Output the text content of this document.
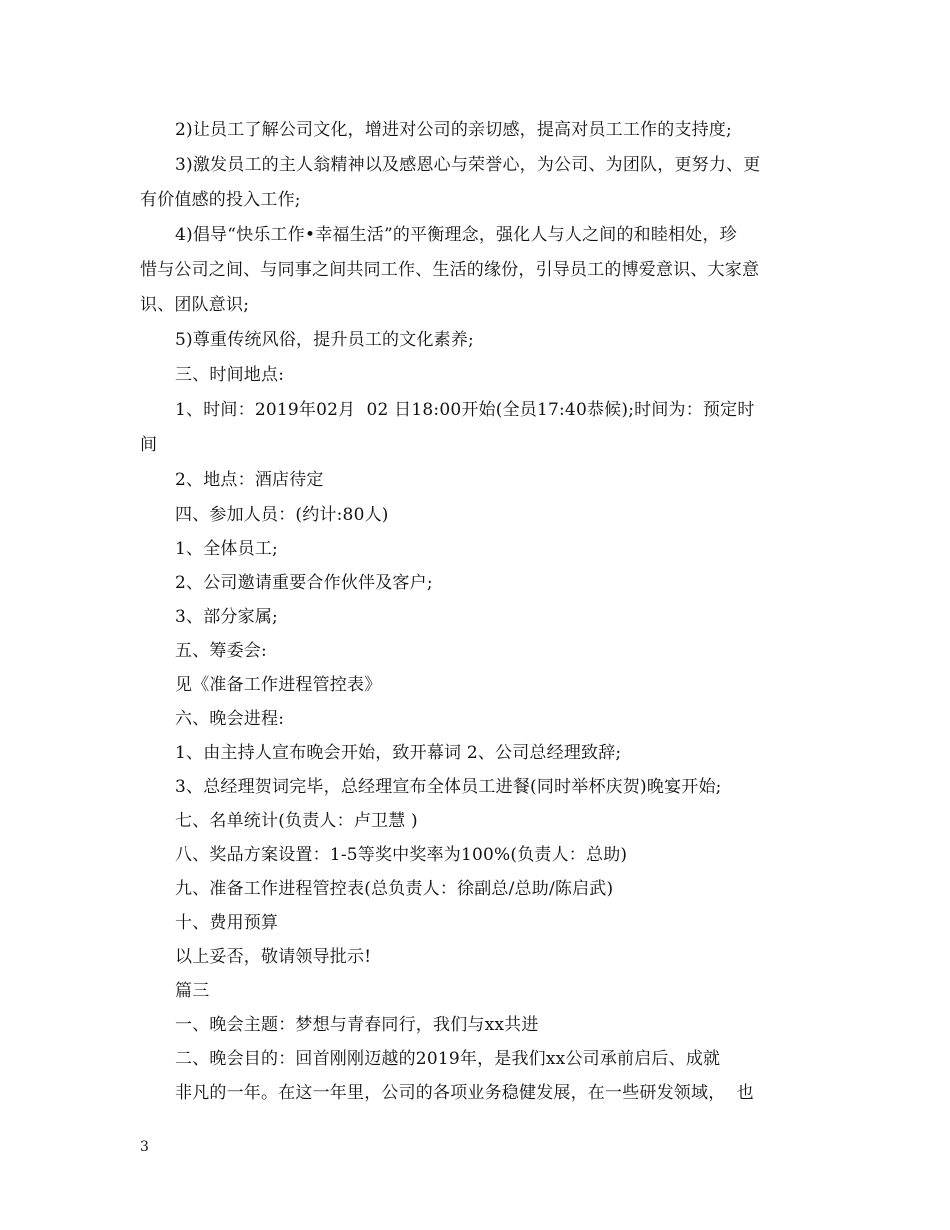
2)让员工了解公司文化，增进对公司的亲切感，提高对员工工作的支持度;
3)激发员工的主人翁精神以及感恩心与荣誉心，为公司、为团队，更努力、更
有价值感的投入工作;
4)倡导“快乐工作•幸福生活”的平衡理念，强化人与人之间的和睦相处，珍
惜与公司之间、与同事之间共同工作、生活的缘份，引导员工的博爱意识、大家意
识、团队意识;
5)尊重传统风俗，提升员工的文化素养;
三、时间地点:
1、时间：2019年02月  02 日18:00开始(全员17:40恭候);时间为：预定时
间
2、地点：酒店待定
四、参加人员：(约计:80人)
1、全体员工;
2、公司邀请重要合作伙伴及客户;
3、部分家属;
五、筹委会:
见《准备工作进程管控表》
六、晚会进程:
1、由主持人宣布晚会开始，致开幕词 2、公司总经理致辞;
3、总经理贺词完毕，总经理宣布全体员工进餐(同时举杯庆贺)晚宴开始;
七、名单统计(负责人：卢卫慧 )
八、奖品方案设置：1-5等奖中奖率为100%(负责人：总助)
九、准备工作进程管控表(总负责人：徐副总/总助/陈启武)
十、费用预算
以上妥否，敬请领导批示!
篇三
一、晚会主题：梦想与青春同行，我们与xx共进
二、晚会目的：回首刚刚迈越的2019年，是我们xx公司承前启后、成就
非凡的一年。在这一年里，公司的各项业务稳健发展，在一些研发领域，  也
3
